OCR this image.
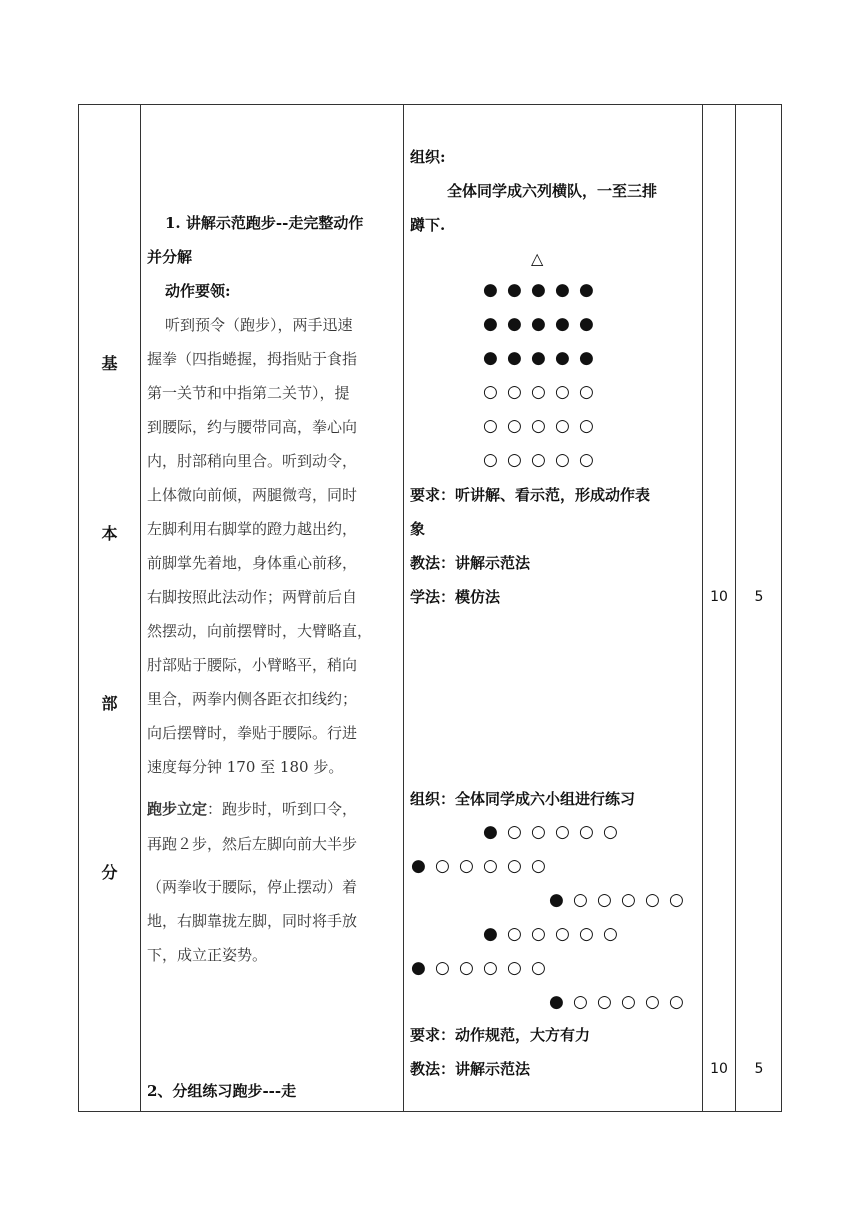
基
本
部
分
1. 讲解示范跑步--走完整动作
并分解
动作要领:
听到预令（跑步），两手迅速
握拳（四指蜷握，拇指贴于食指
第一关节和中指第二关节），提
到腰际，约与腰带同高，拳心向
内，肘部稍向里合。听到动令，
上体微向前倾，两腿微弯，同时
左脚利用右脚掌的蹬力越出约，
前脚掌先着地，身体重心前移，
右脚按照此法动作；两臂前后自
然摆动，向前摆臂时，大臂略直，
肘部贴于腰际，小臂略平，稍向
里合，两拳内侧各距衣扣线约；
向后摆臂时，拳贴于腰际。行进
速度每分钟 170 至 180 步。
跑步立定：跑步时，听到口令，
再跑２步，然后左脚向前大半步
（两拳收于腰际，停止摆动）着
地，右脚靠拢左脚，同时将手放
下，成立正姿势。
2、分组练习跑步---走
组织:
全体同学成六列横队，一至三排
蹲下.
△
● ● ● ● ●
● ● ● ● ●
● ● ● ● ●
○ ○ ○ ○ ○
○ ○ ○ ○ ○
○ ○ ○ ○ ○
要求：听讲解、看示范，形成动作表
象
教法：讲解示范法
学法：模仿法
组织：全体同学成六小组进行练习
● ○ ○ ○ ○ ○
● ○ ○ ○ ○ ○
● ○ ○ ○ ○ ○
● ○ ○ ○ ○ ○
● ○ ○ ○ ○ ○
● ○ ○ ○ ○ ○
要求：动作规范，大方有力
教法：讲解示范法
10	5
10	5
